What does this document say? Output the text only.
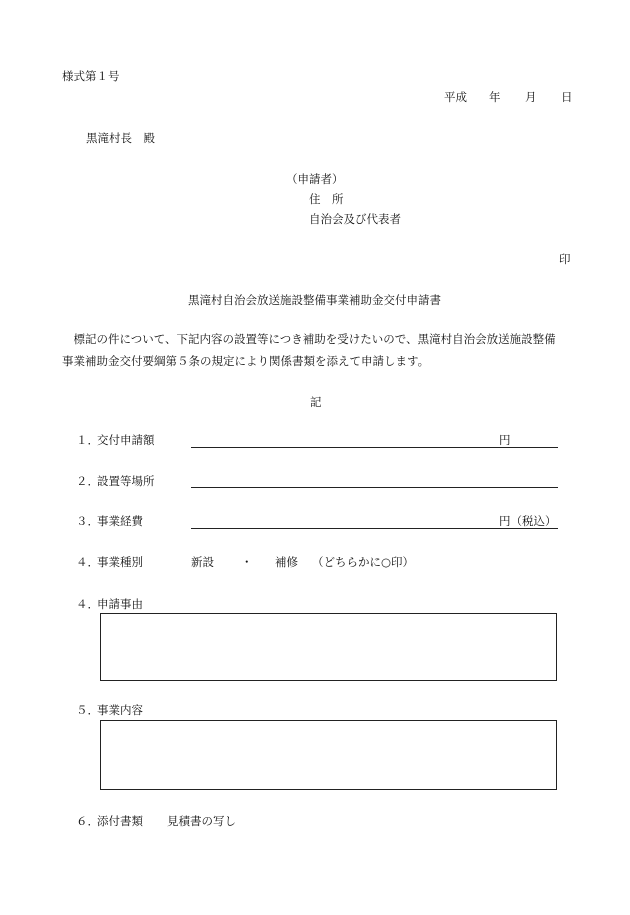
様式第１号
平成 年 月 日
黒滝村長　殿
（申請者）
住　所
自治会及び代表者
印
黒滝村自治会放送施設整備事業補助金交付申請書
　標記の件について、下記内容の設置等につき補助を受けたいので、黒滝村自治会放送施設整備
事業補助金交付要綱第５条の規定により関係書類を添えて申請します。
記
１．
交付申請額	円
２．
設置等場所
３．
事業経費	円（税込）
４．
事業種別	新設 ・ 補修 （どちらかに○印）
４．
申請事由
５．
事業内容
６．
添付書類 見積書の写し
